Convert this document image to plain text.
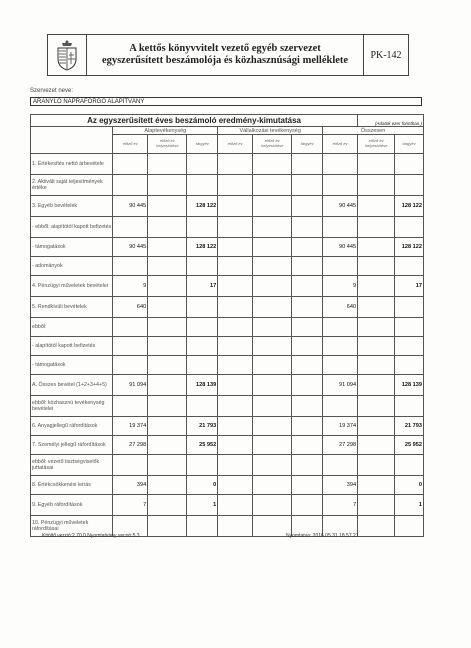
A kettős könyvvitelt vezető egyéb szervezet
egyszerűsített beszámolója és közhasznúsági melléklete	PK-142
Szervezet neve:
ARANYLÓ NAPRAFORGÓ ALAPÍTVÁNY
Az egyszerűsített éves beszámoló eredmény-kimutatása								(Adatok ezer forintban.)	
	Alaptevékenység			Vállalkozási tevékenység			Összesen		
	előző év	előző év helyesbítése	tárgyév	előző év	előző év helyesbítése	tárgyév	előző év	előző év helyesbítése	tárgyév
1. Értékesítés nettó árbevétele									
2. Aktivált saját teljesítmények értéke									
3. Egyéb bevételek	90 445		128 122				90 445		128 122
- ebből: alapítótól kapott befizetés									
- támogatások	90 445		128 122				90 445		128 122
- adományok									
4. Pénzügyi műveletek bevételei	9		17				9		17
5. Rendkívüli bevételek	640						640		
ebből:									
- alapítótól kapott befizetés									
- támogatások									
A. Összes bevétel (1+2+3+4+5)	91 094		128 139				91 094		128 139
ebből: közhasznú tevékenység bevételei									
6. Anyagjellegű ráfordítások	19 374		21 793				19 374		21 793
7. Személyi jellegű ráfordítások	27 298		25 952				27 298		25 952
ebből: vezető tisztségviselők juttatásai									
8. Értékcsökkenési leírás	394		0				394		0
9. Egyéb ráfordítások	7		1				7		1
10. Pénzügyi műveletek ráfordításai									
Kitöltő verzió:2.70.0 Nyomtatvány verzió:5.3	Nyomtatva: 2016.05.31 18.57.21
